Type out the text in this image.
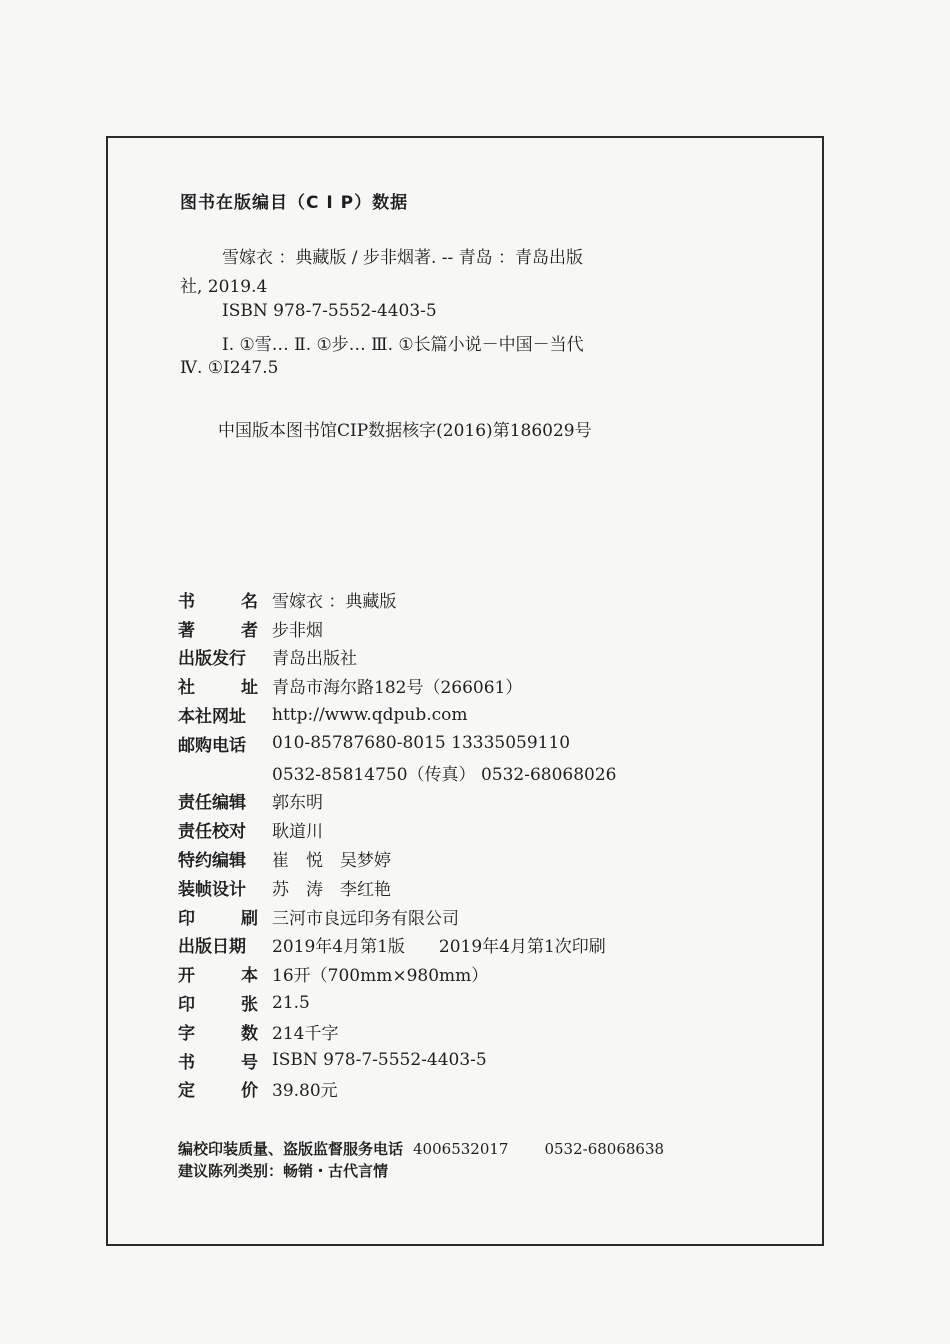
图书在版编目（C I P）数据
雪嫁衣 ：典藏版 / 步非烟著. -- 青岛 ：青岛出版
社, 2019.4
ISBN 978-7-5552-4403-5
Ⅰ. ①雪… Ⅱ. ①步… Ⅲ. ①长篇小说－中国－当代
Ⅳ. ①I247.5
中国版本图书馆CIP数据核字(2016)第186029号
书	名 雪嫁衣 ：典藏版
著	者 步非烟
出版发行 青岛出版社
社	址 青岛市海尔路182号（266061）
本社网址 http://www.qdpub.com
邮购电话 010-85787680-8015 13335059110
0532-85814750（传真） 0532-68068026
责任编辑 郭东明
责任校对 耿道川
特约编辑 崔　悦　吴梦婷
装帧设计 苏　涛　李红艳
印	刷 三河市良远印务有限公司
出版日期 2019年4月第1版　　2019年4月第1次印刷
开	本 16开（700mm×980mm）
印	张 21.5
字	数 214千字
书	号 ISBN 978-7-5552-4403-5
定	价 39.80元
编校印装质量、盗版监督服务电话 4006532017 0532-68068638
建议陈列类别：畅销・古代言情
